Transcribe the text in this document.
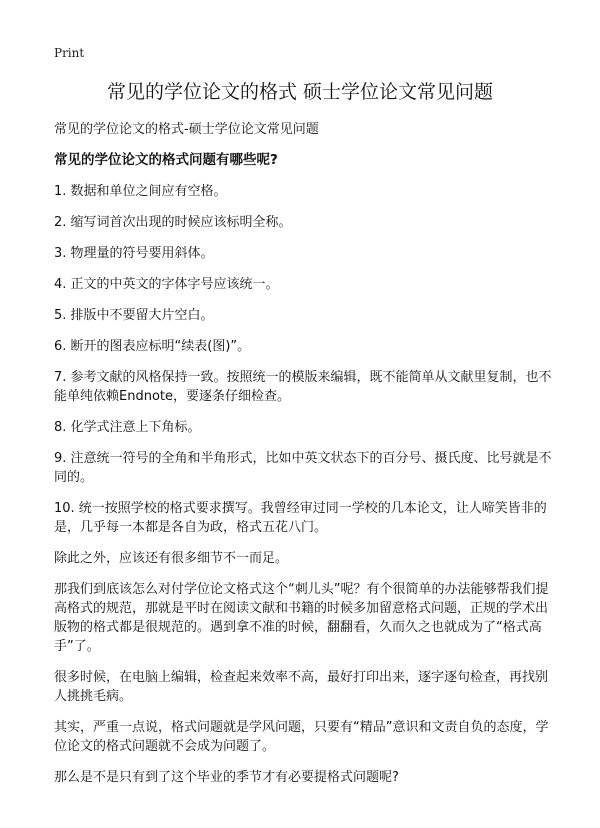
Print
常见的学位论文的格式 硕士学位论文常见问题

常见的学位论文的格式-硕士学位论文常见问题

常见的学位论文的格式问题有哪些呢?

1. 数据和单位之间应有空格。

2. 缩写词首次出现的时候应该标明全称。

3. 物理量的符号要用斜体。

4. 正文的中英文的字体字号应该统一。

5. 排版中不要留大片空白。

6. 断开的图表应标明“续表(图)”。

7. 参考文献的风格保持一致。按照统一的模版来编辑，既不能简单从文献里复制，也不能单纯依赖Endnote，要逐条仔细检查。

8. 化学式注意上下角标。

9. 注意统一符号的全角和半角形式，比如中英文状态下的百分号、摄氏度、比号就是不同的。

10. 统一按照学校的格式要求撰写。我曾经审过同一学校的几本论文，让人啼笑皆非的是，几乎每一本都是各自为政，格式五花八门。

除此之外，应该还有很多细节不一而足。

那我们到底该怎么对付学位论文格式这个“刺儿头”呢？有个很简单的办法能够帮我们提高格式的规范，那就是平时在阅读文献和书籍的时候多加留意格式问题，正规的学术出版物的格式都是很规范的。遇到拿不准的时候，翻翻看，久而久之也就成为了“格式高手”了。

很多时候，在电脑上编辑，检查起来效率不高，最好打印出来，逐字逐句检查，再找别人挑挑毛病。

其实，严重一点说，格式问题就是学风问题，只要有“精品”意识和文责自负的态度，学位论文的格式问题就不会成为问题了。

那么是不是只有到了这个毕业的季节才有必要提格式问题呢?
